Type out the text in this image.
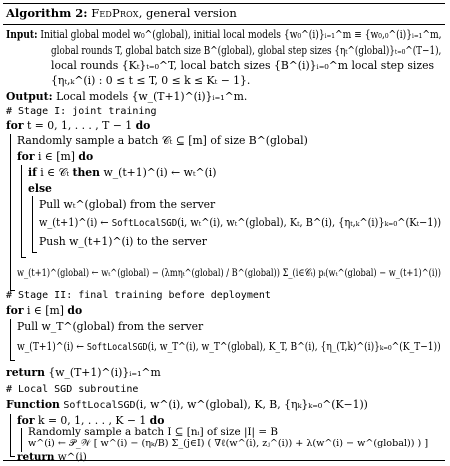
Algorithm 2: FedProx, general version
Input: Initial global model w₀^(global), initial local models {w₀^(i)}ᵢ₌₁^m ≡ {w₀,₀^(i)}ᵢ₌₁^m,
global rounds T, global batch size B^(global), global step sizes {ηₜ^(global)}ₜ₌₀^(T−1),
local rounds {Kₜ}ₜ₌₀^T, local batch sizes {B^(i)}ᵢ₌₀^m local step sizes
{ηₜ,ₖ^(i) : 0 ≤ t ≤ T, 0 ≤ k ≤ Kₜ − 1}.
Output: Local models {w_(T+1)^(i)}ᵢ₌₁^m.
# Stage I: joint training
for t = 0, 1, . . . , T − 1 do
Randomly sample a batch 𝒞ₜ ⊆ [m] of size B^(global)
for i ∈ [m] do
if i ∈ 𝒞ₜ then w_(t+1)^(i) ← wₜ^(i)
else
Pull wₜ^(global) from the server
w_(t+1)^(i) ← SoftLocalSGD(i, wₜ^(i), wₜ^(global), Kₜ, B^(i), {ηₜ,ₖ^(i)}ₖ₌₀^(Kₜ−1))
Push w_(t+1)^(i) to the server
w_(t+1)^(global) ← wₜ^(global) − (λmηₜ^(global) / B^(global)) Σ_(i∈𝒞ₜ) pᵢ(wₜ^(global) − w_(t+1)^(i))
# Stage II: final training before deployment
for i ∈ [m] do
Pull w_T^(global) from the server
w_(T+1)^(i) ← SoftLocalSGD(i, w_T^(i), w_T^(global), K_T, B^(i), {η_(T,k)^(i)}ₖ₌₀^(K_T−1))
return {w_(T+1)^(i)}ᵢ₌₁^m
# Local SGD subroutine
Function SoftLocalSGD(i, w^(i), w^(global), K, B, {ηₖ}ₖ₌₀^(K−1))
for k = 0, 1, . . . , K − 1 do
Randomly sample a batch I ⊆ [nᵢ] of size |I| = B
w^(i) ← 𝒫_𝒲 [ w^(i) − (ηₖ/B) Σ_(j∈I) ( ∇ℓ(w^(i), zⱼ^(i)) + λ(w^(i) − w^(global)) ) ]
return w^(i)
